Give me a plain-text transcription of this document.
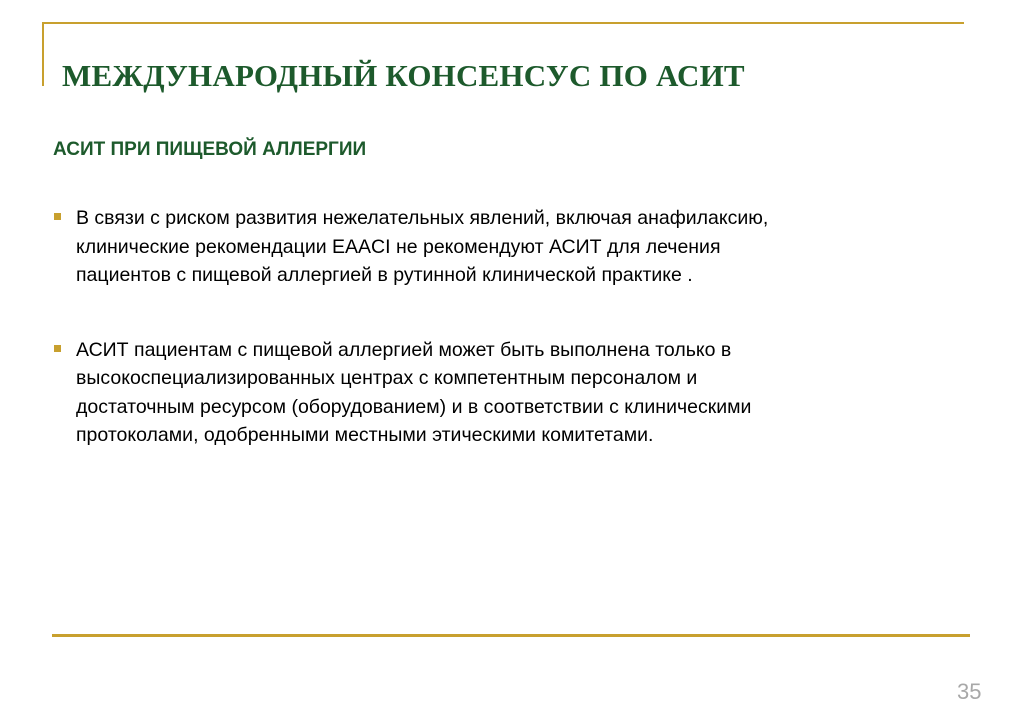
МЕЖДУНАРОДНЫЙ КОНСЕНСУС ПО АСИТ
АСИТ ПРИ ПИЩЕВОЙ АЛЛЕРГИИ
В связи с риском развития нежелательных явлений, включая анафилаксию,
клинические рекомендации EAACI не рекомендуют АСИТ для лечения
пациентов с пищевой аллергией в рутинной клинической практике .
АСИТ пациентам с пищевой аллергией может быть выполнена только в
высокоспециализированных центрах с компетентным персоналом и
достаточным ресурсом (оборудованием) и в соответствии с клиническими
протоколами, одобренными местными этическими комитетами.
35
